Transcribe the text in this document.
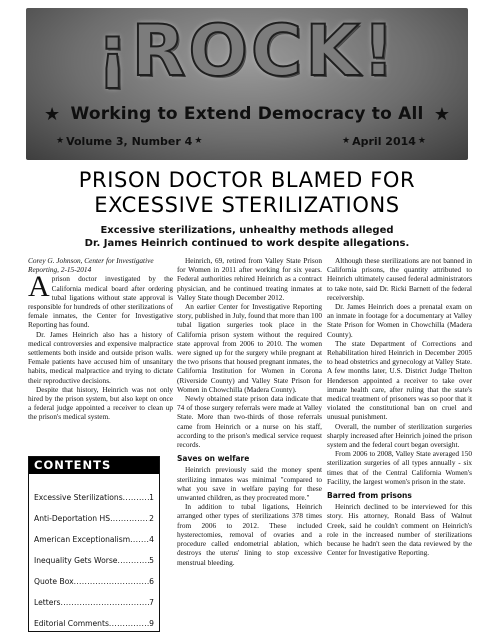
¡ROCK!
★ Working to Extend Democracy to All ★
★ Volume 3, Number 4 ★	★ April 2014 ★
PRISON DOCTOR BLAMED FOR EXCESSIVE STERILIZATIONS
Excessive sterilizations, unhealthy methods alleged
Dr. James Heinrich continued to work despite allegations.

Corey G. Johnson, Center for Investigative
Reporting, 2-15-2014

Aprison doctor investigated by the California medical board after ordering tubal ligations without state approval is responsible for hundreds of other sterilizations of female inmates, the Center for Investigative Reporting has found.

Dr. James Heinrich also has a history of medical controversies and expensive malpractice settlements both inside and outside prison walls. Female patients have accused him of unsanitary habits, medical malpractice and trying to dictate their reproductive decisions.

Despite that history, Heinrich was not only hired by the prison system, but also kept on once a federal judge appointed a receiver to clean up the prison's medical system.

Heinrich, 69, retired from Valley State Prison for Women in 2011 after working for six years. Federal authorities rehired Heinrich as a contract physician, and he continued treating inmates at Valley State though December 2012.

An earlier Center for Investigative Reporting story, published in July, found that more than 100 tubal ligation surgeries took place in the California prison system without the required state approval from 2006 to 2010. The women were signed up for the surgery while pregnant at the two prisons that housed pregnant inmates, the California Institution for Women in Corona (Riverside County) and Valley State Prison for Women in Chowchilla (Madera County).

Newly obtained state prison data indicate that 74 of those surgery referrals were made at Valley State. More than two-thirds of those referrals came from Heinrich or a nurse on his staff, according to the prison's medical service request records.

Saves on welfare

Heinrich previously said the money spent sterilizing inmates was minimal "compared to what you save in welfare paying for these unwanted children, as they procreated more."

In addition to tubal ligations, Heinrich arranged other types of sterilizations 378 times from 2006 to 2012. These included hysterectomies, removal of ovaries and a procedure called endometrial ablation, which destroys the uterus' lining to stop excessive menstrual bleeding.

Although these sterilizations are not banned in California prisons, the quantity attributed to Heinrich ultimately caused federal administrators to take note, said Dr. Ricki Barnett of the federal receivership.

Dr. James Heinrich does a prenatal exam on an inmate in footage for a documentary at Valley State Prison for Women in Chowchilla (Madera County).

The state Department of Corrections and Rehabilitation hired Heinrich in December 2005 to head obstetrics and gynecology at Valley State. A few months later, U.S. District Judge Thelton Henderson appointed a receiver to take over inmate health care, after ruling that the state's medical treatment of prisoners was so poor that it violated the constitutional ban on cruel and unusual punishment.

Overall, the number of sterilization surgeries sharply increased after Heinrich joined the prison system and the federal court began oversight.

From 2006 to 2008, Valley State averaged 150 sterilization surgeries of all types annually - six times that of the Central California Women's Facility, the largest women's prison in the state.

Barred from prisons

Heinrich declined to be interviewed for this story. His attorney, Ronald Bass of Walnut Creek, said he couldn't comment on Heinrich's role in the increased number of sterilizations because he hadn't seen the data reviewed by the Center for Investigative Reporting.

CONTENTS
Excessive Sterilizations .....	1
Anti-Deportation HS .....	2
American Exceptionalism .....	4
Inequality Gets Worse .....	5
Quote Box .....	6
Letters .....	7
Editorial Comments .....	9
